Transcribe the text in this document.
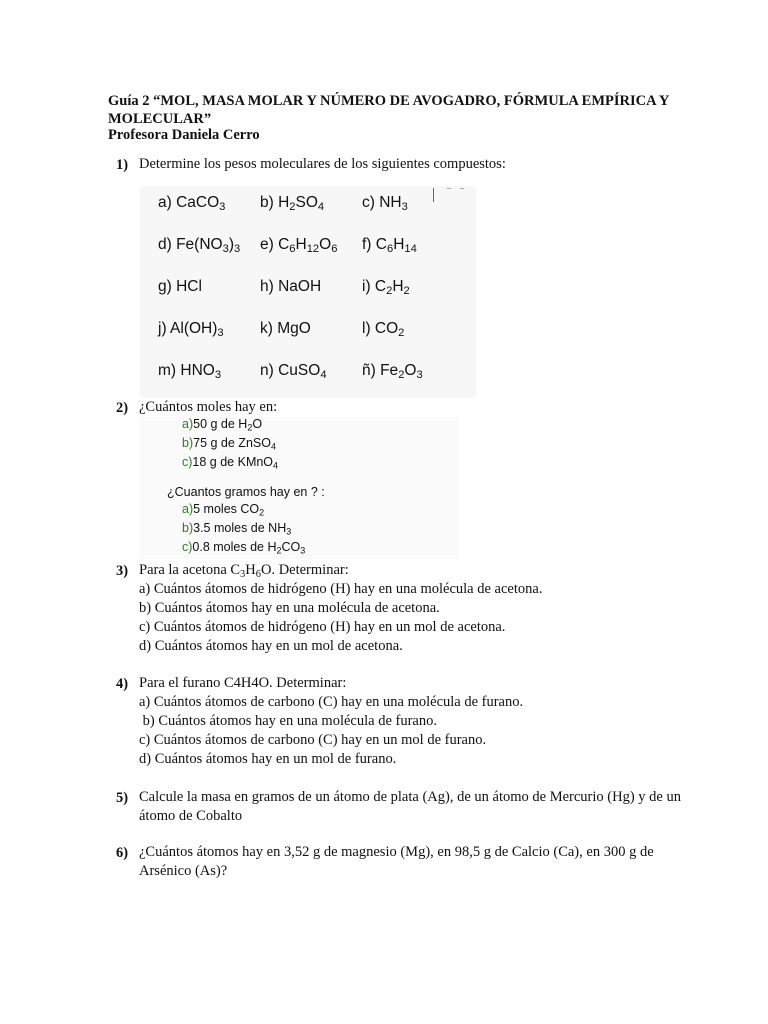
Guía 2 “MOL, MASA MOLAR Y NÚMERO DE AVOGADRO, FÓRMULA EMPÍRICA Y
MOLECULAR”
Profesora Daniela Cerro
1) Determine los pesos moleculares de los siguientes compuestos:
a) CaCO$_3$ b) $H_2SO_4$ c) $NH_3$
d) $Fe(NO_3)_3$ e) $C_6H_{12}O_6$ f) $C_6H_{14}$
g) HCl	h) NaOH	i) $C_2H_2$
j) $Al(OH)_3$ k) MgO	l) $CO_2$
m) $HNO_3$	n) CuSO$_4$ ñ) $Fe_2O_3$
2) ¿Cuántos moles hay en:
a)50 g de $H_2O$
b)75 g de ZnSO$_4$
c)18 g de KMnO$_4$
¿Cuantos gramos hay en ? :
a)5 moles $CO_2$
b)3.5 moles de $NH_3$
c)0.8 moles de $H_2CO_3$
3) Para la acetona $C_3H_6O$. Determinar:
a) Cuántos átomos de hidrógeno (H) hay en una molécula de acetona.
b) Cuántos átomos hay en una molécula de acetona.
c) Cuántos átomos de hidrógeno (H) hay en un mol de acetona.
d) Cuántos átomos hay en un mol de acetona.
4) Para el furano C4H4O. Determinar:
a) Cuántos átomos de carbono (C) hay en una molécula de furano.
b) Cuántos átomos hay en una molécula de furano.
c) Cuántos átomos de carbono (C) hay en un mol de furano.
d) Cuántos átomos hay en un mol de furano.
5) Calcule la masa en gramos de un átomo de plata (Ag), de un átomo de Mercurio (Hg) y de un
átomo de Cobalto
6) ¿Cuántos átomos hay en 3,52 g de magnesio (Mg), en 98,5 g de Calcio (Ca), en 300 g de
Arsénico (As)?
